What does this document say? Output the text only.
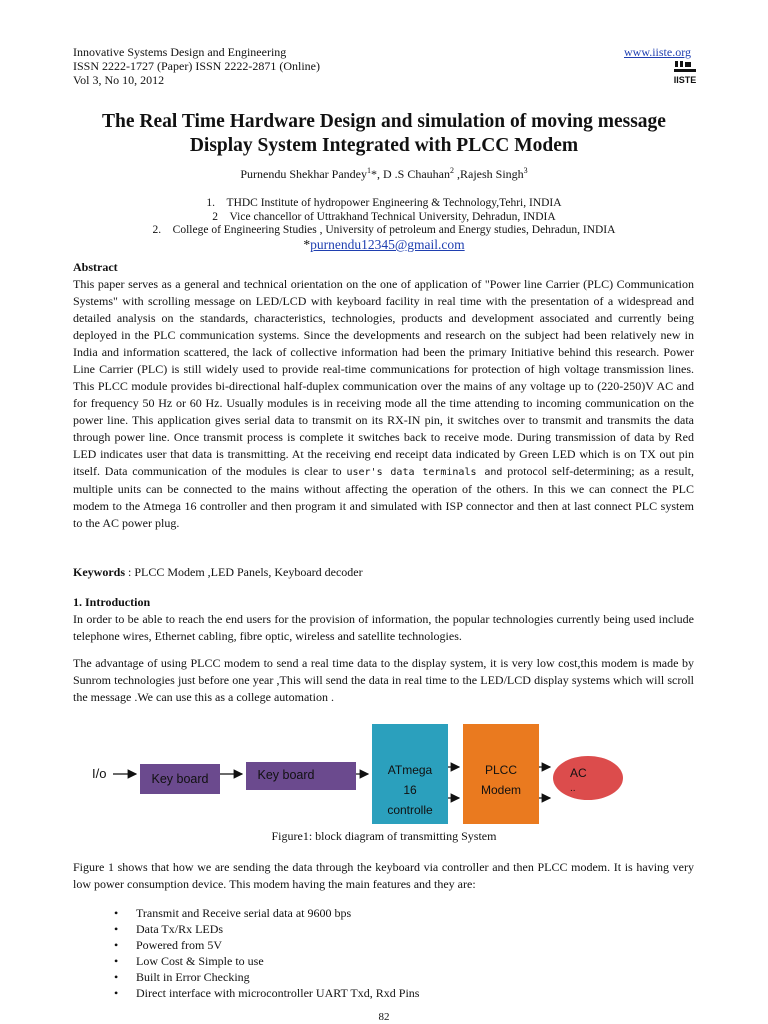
Innovative Systems Design and Engineering
ISSN 2222-1727 (Paper) ISSN 2222-2871 (Online)
Vol 3, No 10, 2012
www.iiste.org
IISTE
The Real Time Hardware Design and simulation of moving message
Display System Integrated with PLCC Modem
Purnendu Shekhar Pandey$^1$*, D .S Chauhan$^2$ ,Rajesh Singh$^3$
1.    THDC Institute of hydropower Engineering & Technology,Tehri, INDIA
2    Vice chancellor of Uttrakhand Technical University, Dehradun, INDIA
2.    College of Engineering Studies , University of petroleum and Energy studies, Dehradun, INDIA
*purnendu12345@gmail.com
Abstract
This paper serves as a general and technical orientation on the one of application of "Power line Carrier (PLC) Communication Systems" with scrolling message on LED/LCD with keyboard facility in real time with the presentation of a widespread and detailed analysis on the standards, characteristics, technologies, products and development associated and currently being deployed in the PLC communication systems. Since the developments and research on the subject had been relatively new in India and information scattered, the lack of collective information had been the primary Initiative behind this research. Power Line Carrier (PLC) is still widely used to provide real-time communications for protection of high voltage transmission lines. This PLCC module provides bi-directional half-duplex communication over the mains of any voltage up to (220-250)V AC and for frequency 50 Hz or 60 Hz. Usually modules is in receiving mode all the time attending to incoming communication on the power line. This application gives serial data to transmit on its RX-IN pin, it switches over to transmit and transmits the data through power line. Once transmit process is complete it switches back to receive mode. During transmission of data by Red LED indicates user that data is transmitting. At the receiving end receipt data indicated by Green LED which is on TX out pin itself. Data communication of the modules is clear to user's data terminals and protocol self-determining; as a result, multiple units can be connected to the mains without affecting the operation of the others. In this we can connect the PLC modem to the Atmega 16 controller and then program it and simulated with ISP connector and then at last connect PLC system to the AC power plug.
Keywords : PLCC Modem ,LED Panels, Keyboard decoder
1. Introduction
In order to be able to reach the end users for the provision of information, the popular technologies currently being used include telephone wires, Ethernet cabling, fibre optic, wireless and satellite technologies.
The advantage of using PLCC modem to send a real time data to the display system, it is very low cost,this modem is made by Sunrom technologies just before one year ,This will send the data in real time to the LED/LCD display systems which will scroll the message .We can use this as a college automation .
I/o	Key board	Key board	ATmega
16
controlle
PLCC
Modem
AC
..
Figure1: block diagram of transmitting System
Figure 1 shows that how we are sending the data through the keyboard via controller and then PLCC modem. It is having very low power consumption device. This modem having the main features and they are:
• Transmit and Receive serial data at 9600 bps
• Data Tx/Rx LEDs
• Powered from 5V
• Low Cost & Simple to use
• Built in Error Checking
• Direct interface with microcontroller UART Txd, Rxd Pins
82
